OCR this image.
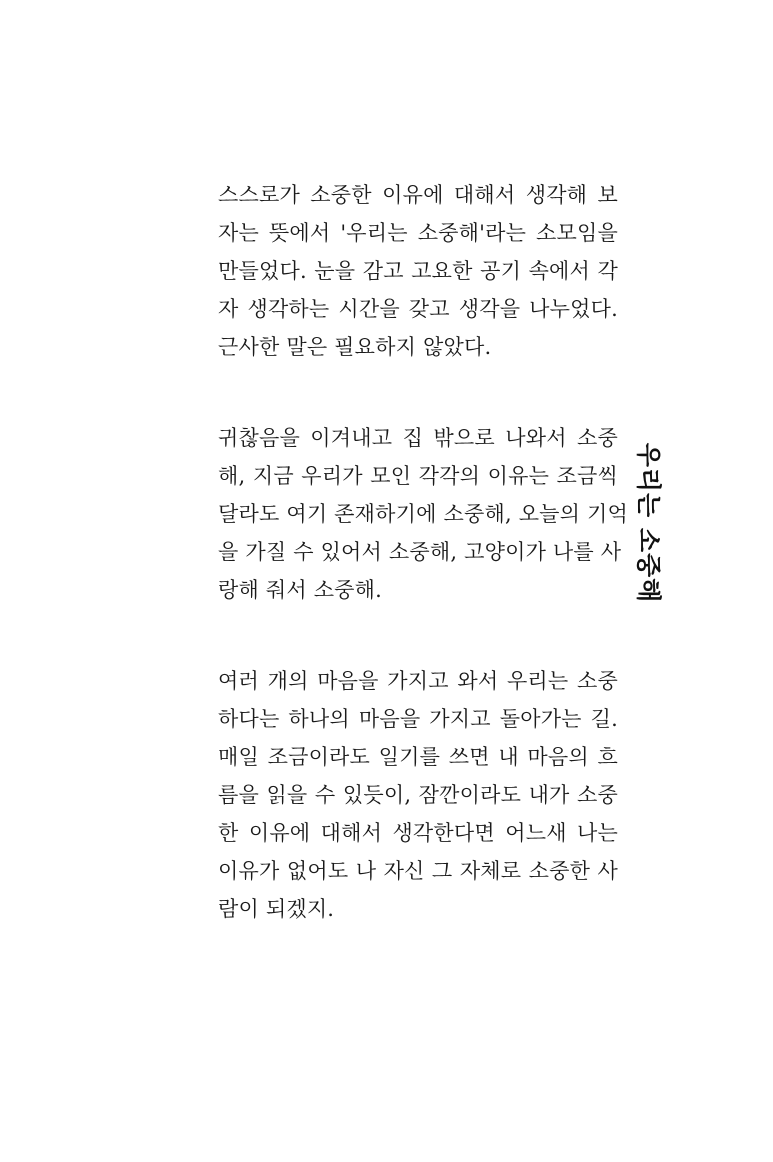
스스로가 소중한 이유에 대해서 생각해 보
자는 뜻에서 '우리는 소중해'라는 소모임을
만들었다. 눈을 감고 고요한 공기 속에서 각
자 생각하는 시간을 갖고 생각을 나누었다.
근사한 말은 필요하지 않았다.
귀찮음을 이겨내고 집 밖으로 나와서 소중
해, 지금 우리가 모인 각각의 이유는 조금씩
달라도 여기 존재하기에 소중해, 오늘의 기억
을 가질 수 있어서 소중해, 고양이가 나를 사
랑해 줘서 소중해.
여러 개의 마음을 가지고 와서 우리는 소중
하다는 하나의 마음을 가지고 돌아가는 길.
매일 조금이라도 일기를 쓰면 내 마음의 흐
름을 읽을 수 있듯이, 잠깐이라도 내가 소중
한 이유에 대해서 생각한다면 어느새 나는
이유가 없어도 나 자신 그 자체로 소중한 사
람이 되겠지.
우리는 소중해
